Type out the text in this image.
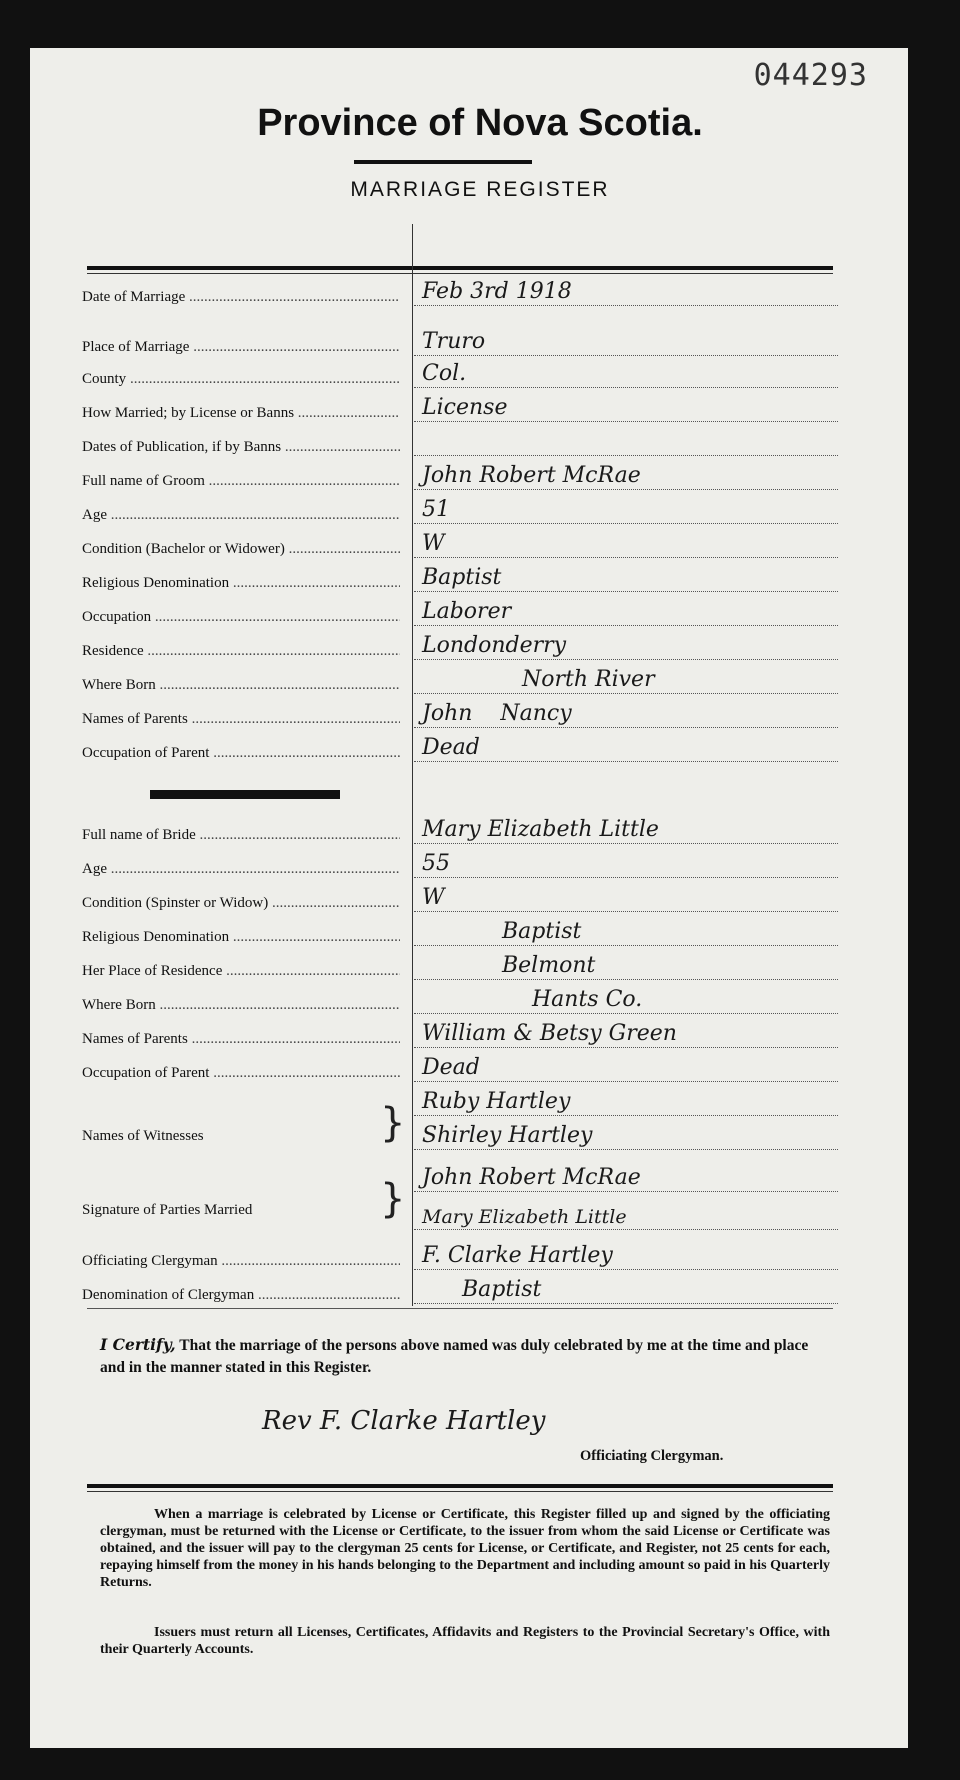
044293
Province of Nova Scotia.
MARRIAGE REGISTER
Date of Marriage .....	Feb 3rd 1918
Place of Marriage .....	Truro
County .....	Col.
How Married; by License or Banns .....	License
Dates of Publication, if by Banns .....
Full name of Groom .....	John Robert McRae
Age .....	51
Condition (Bachelor or Widower) .....	W
Religious Denomination .....	Baptist
Occupation .....	Laborer
Residence .....	Londonderry
Where Born .....	North River
Names of Parents .....	John    Nancy
Occupation of Parent .....	Dead
Full name of Bride .....	Mary Elizabeth Little
Age .....	55
Condition (Spinster or Widow) .....	W
Religious Denomination .....	Baptist
Her Place of Residence .....	Belmont
Where Born .....	Hants Co.
Names of Parents .....	William & Betsy Green
Occupation of Parent .....	Dead
Names of Witnesses	} Ruby Hartley
Shirley Hartley
Signature of Parties Married	} John Robert McRae
Mary Elizabeth Little
Officiating Clergyman .....	F. Clarke Hartley
Denomination of Clergyman .....	Baptist
I Certify, That the marriage of the persons above named was duly celebrated by me at the time and place and in the manner stated in this Register.
Rev F. Clarke Hartley
Officiating Clergyman.
When a marriage is celebrated by License or Certificate, this Register filled up and signed by the officiating clergyman, must be returned with the License or Certificate, to the issuer from whom the said License or Certificate was obtained, and the issuer will pay to the clergyman 25 cents for License, or Certificate, and Register, not 25 cents for each, repaying himself from the money in his hands belonging to the Department and including amount so paid in his Quarterly Returns.
Issuers must return all Licenses, Certificates, Affidavits and Registers to the Provincial Secretary's Office, with their Quarterly Accounts.
